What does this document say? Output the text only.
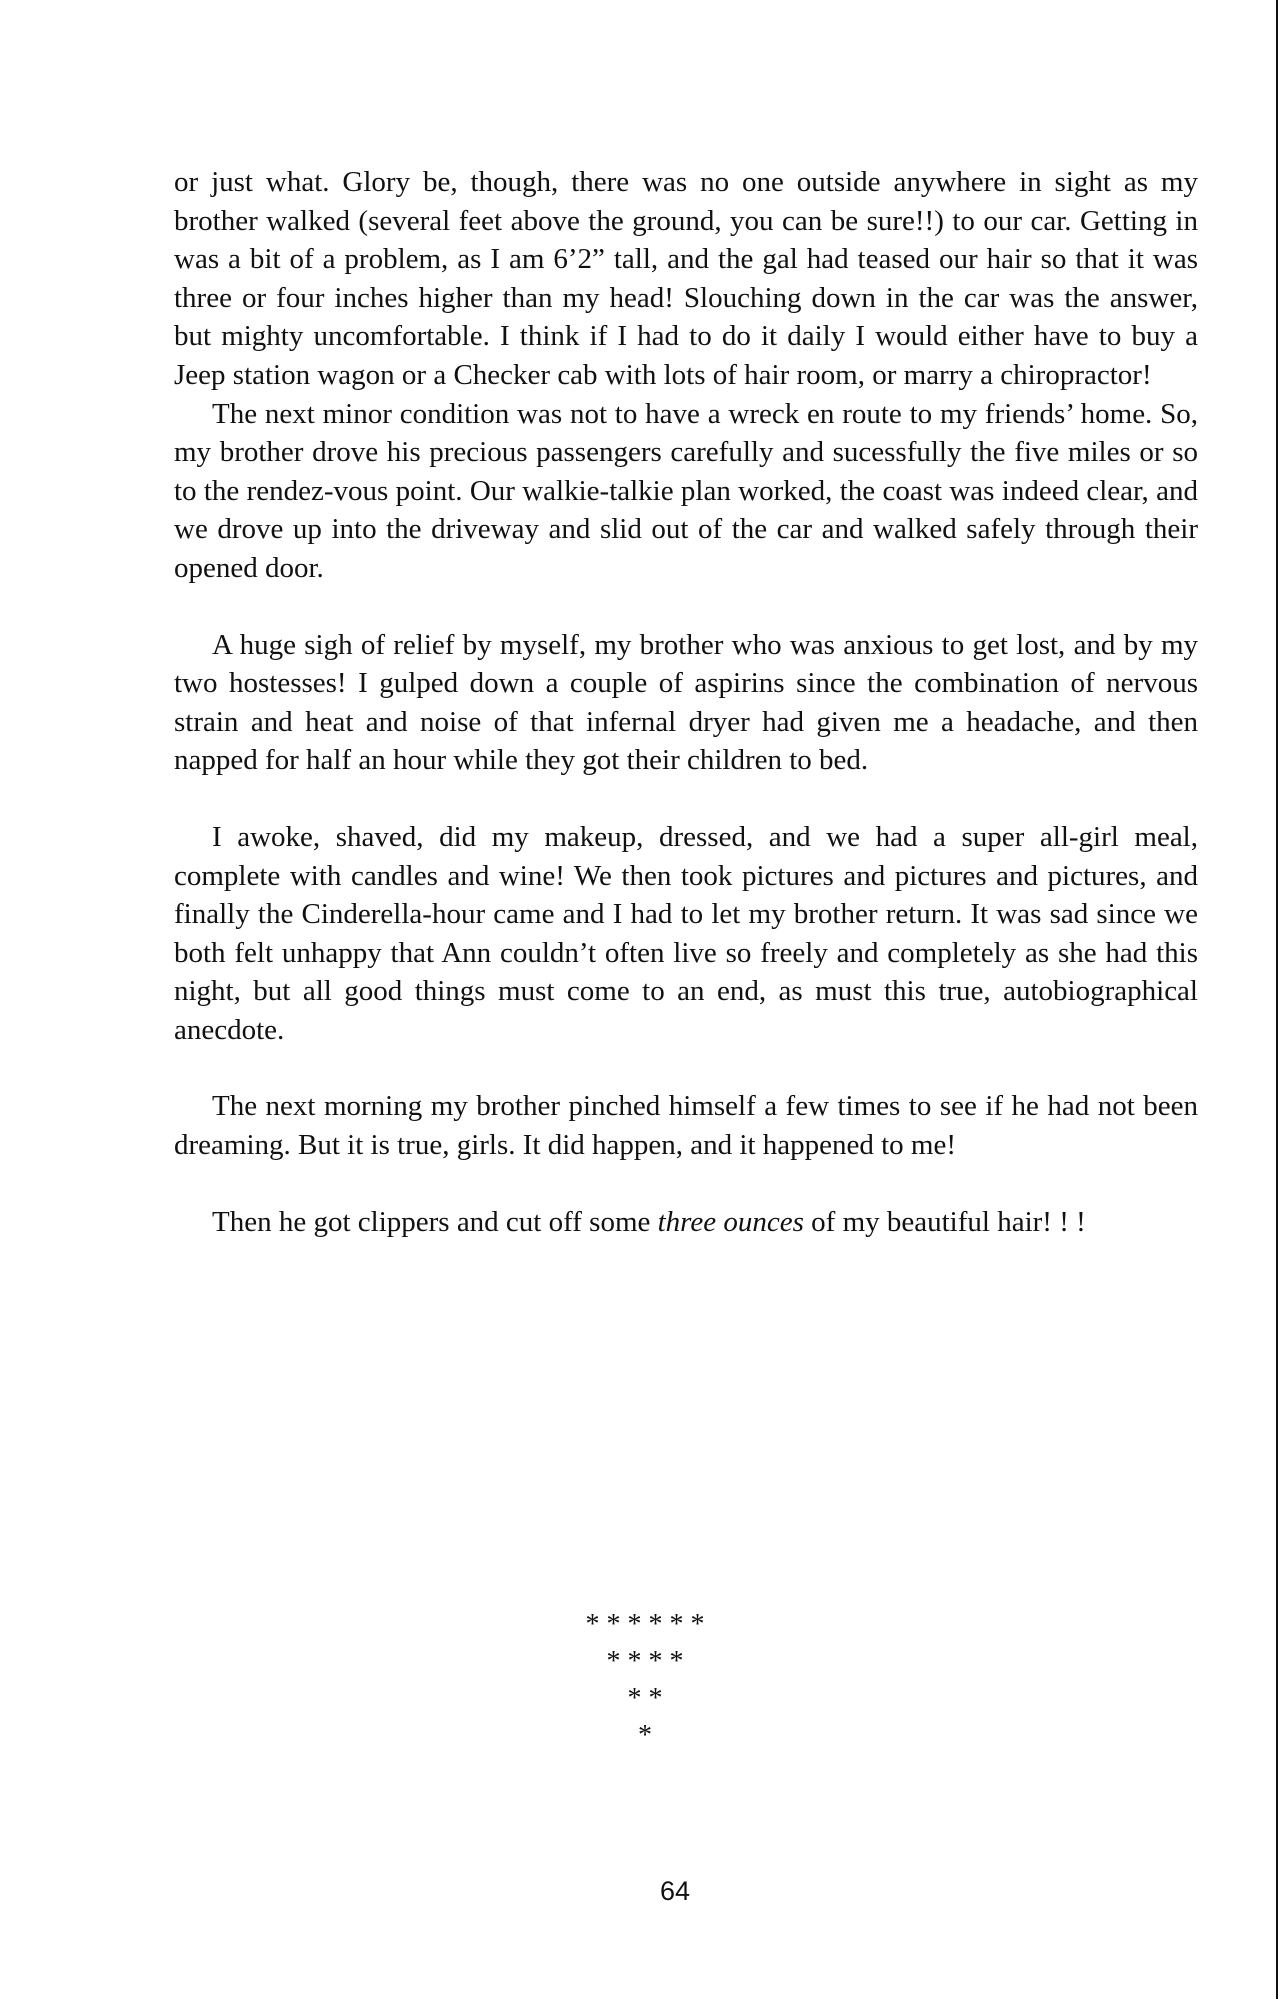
or just what. Glory be, though, there was no one outside anywhere in sight as my brother walked (several feet above the ground, you can be sure!!) to our car. Getting in was a bit of a problem, as I am 6’2” tall, and the gal had teased our hair so that it was three or four inches higher than my head! Slouching down in the car was the answer, but mighty uncomfortable. I think if I had to do it daily I would either have to buy a Jeep station wagon or a Checker cab with lots of hair room, or marry a chiropractor!

The next minor condition was not to have a wreck en route to my friends’ home. So, my brother drove his precious passengers carefully and sucessfully the five miles or so to the rendez-vous point. Our walkie-talkie plan worked, the coast was indeed clear, and we drove up into the driveway and slid out of the car and walked safely through their opened door.

A huge sigh of relief by myself, my brother who was anxious to get lost, and by my two hostesses! I gulped down a couple of aspirins since the combination of nervous strain and heat and noise of that infernal dryer had given me a headache, and then napped for half an hour while they got their children to bed.

I awoke, shaved, did my makeup, dressed, and we had a super all-girl meal, complete with candles and wine! We then took pictures and pictures and pictures, and finally the Cinderella-hour came and I had to let my brother return. It was sad since we both felt unhappy that Ann couldn’t often live so freely and completely as she had this night, but all good things must come to an end, as must this true, autobiographical anecdote.

The next morning my brother pinched himself a few times to see if he had not been dreaming. But it is true, girls. It did happen, and it happened to me!

Then he got clippers and cut off some three ounces of my beautiful hair! ! !

* * * * * *
* * * *
* *
*
64
